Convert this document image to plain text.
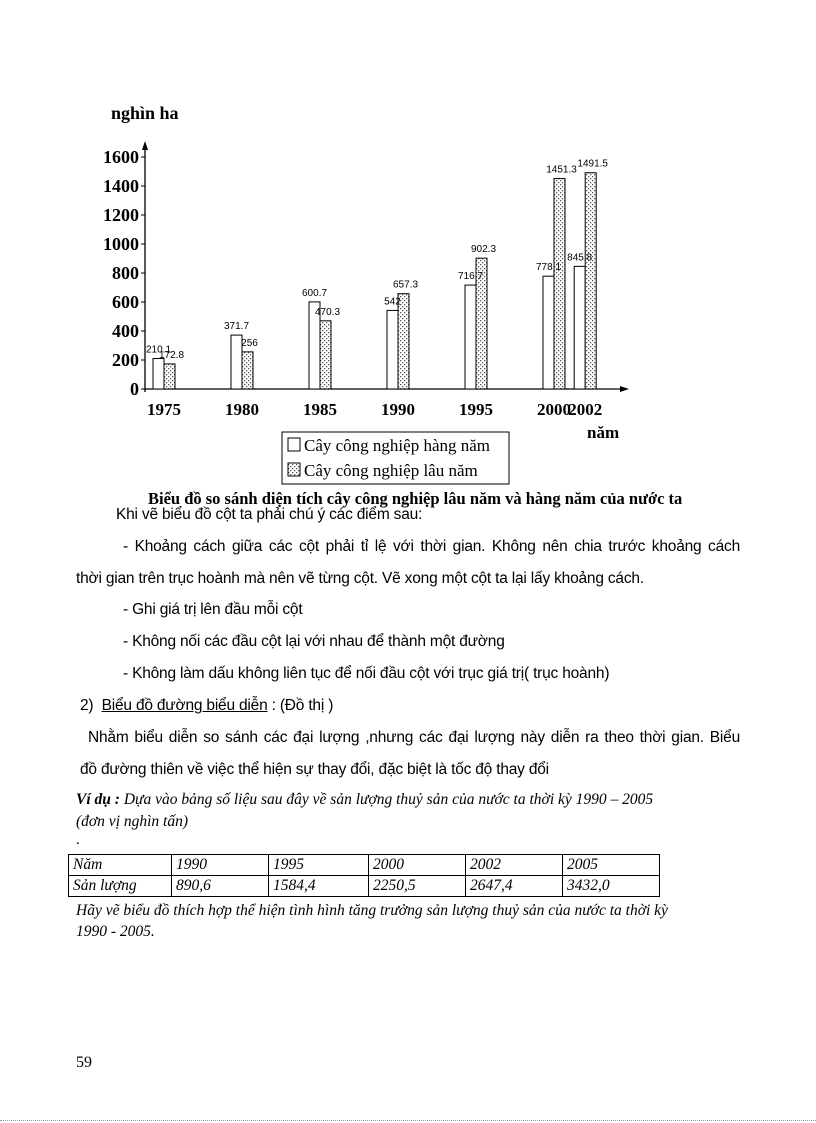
nghìn ha
0
200
400
600
800
1000
1200
1400
1600
210.1
172.8
371.7
256
600.7
470.3
542
657.3
716.7
902.3
778.1
1451.3
845.8
1491.5
1975	1980	1985	1990	1995	2000
2002
năm
Cây công nghiệp hàng năm
Cây công nghiệp lâu năm
Biểu đồ so sánh diện tích cây công nghiệp lâu năm và hàng năm của nước ta
Khi vẽ biểu đồ cột ta phải chú ý các điểm sau:
- Khoảng cách giữa các cột phải tỉ lệ với thời gian. Không nên chia trước khoảng cách
thời gian trên trục hoành mà nên vẽ từng cột. Vẽ xong một cột ta lại lấy khoảng cách.
- Ghi giá trị lên đầu mỗi cột
- Không nối các đầu cột lại với nhau để thành một đường
- Không làm dấu không liên tục để nối đầu cột với trục giá trị( trục hoành)
2) Biểu đồ đường biểu diễn : (Đồ thị )
Nhằm biểu diễn so sánh các đại lượng ,nhưng các đại lượng này diễn ra theo thời gian. Biểu
đồ đường thiên về việc thể hiện sự thay đổi, đặc biệt là tốc độ thay đổi
Ví dụ : Dựa vào bảng số liệu sau đây về sản lượng thuỷ sản của nước ta thời kỳ 1990 – 2005
(đơn vị nghìn tấn)
.
Năm	1990	1995	2000	2002	2005
Sản lượng	890,6	1584,4	2250,5	2647,4	3432,0
Hãy vẽ biểu đồ thích hợp thể hiện tình hình tăng trưởng sản lượng thuỷ sản của nước ta thời kỳ
1990 - 2005.
59
